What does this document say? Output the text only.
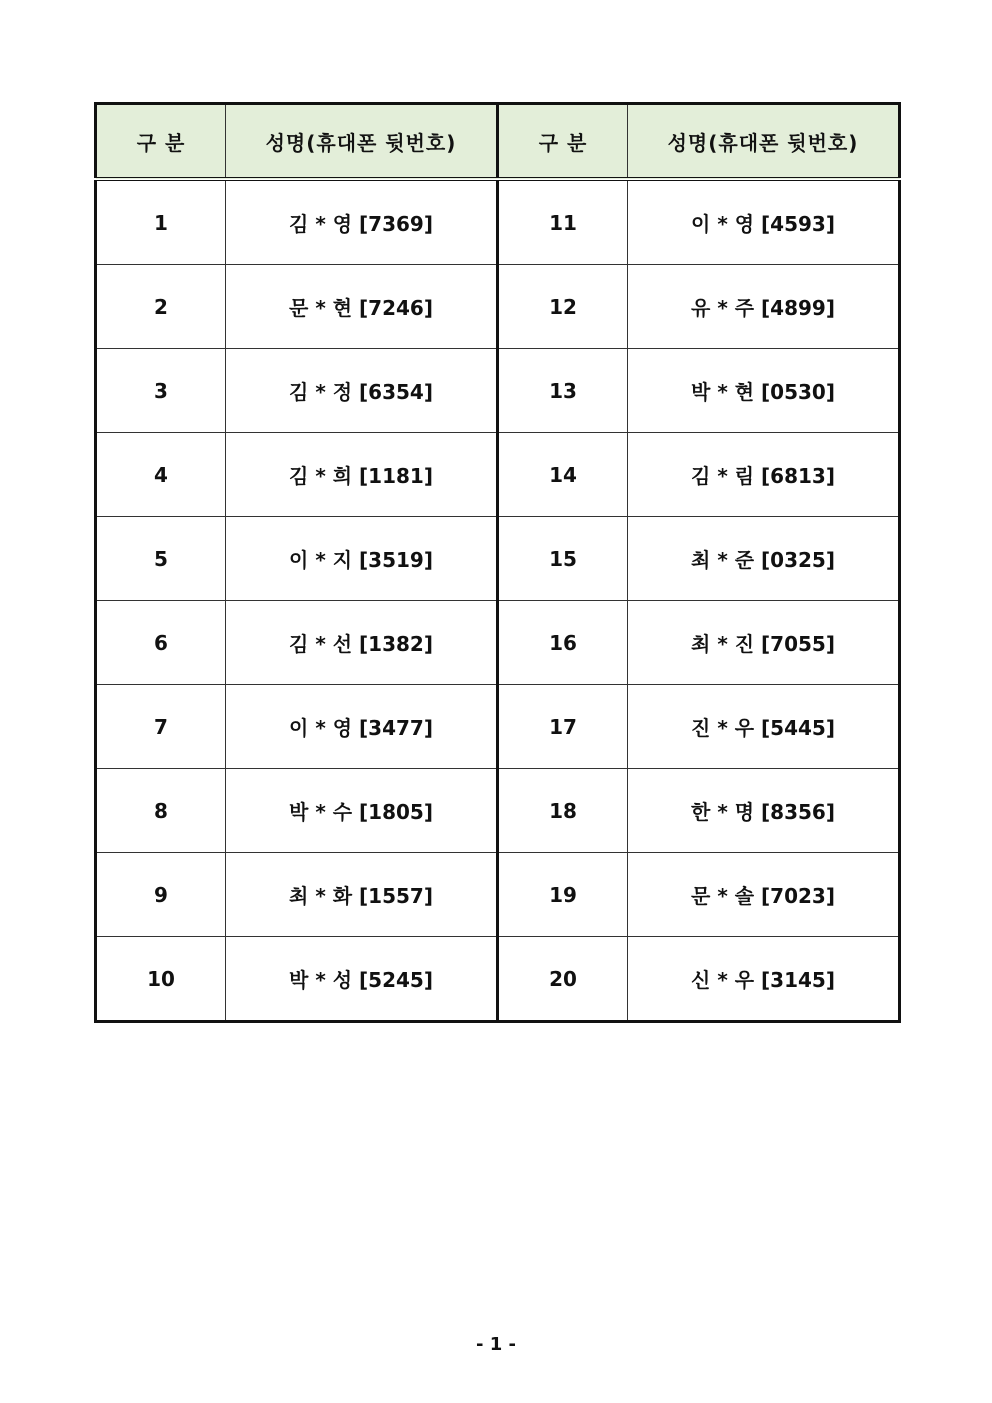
구 분	성명(휴대폰 뒷번호)	구 분	성명(휴대폰 뒷번호)
1	김 * 영 [7369]	11	이 * 영 [4593]
2	문 * 현 [7246]	12	유 * 주 [4899]
3	김 * 정 [6354]	13	박 * 현 [0530]
4	김 * 희 [1181]	14	김 * 림 [6813]
5	이 * 지 [3519]	15	최 * 준 [0325]
6	김 * 선 [1382]	16	최 * 진 [7055]
7	이 * 영 [3477]	17	진 * 우 [5445]
8	박 * 수 [1805]	18	한 * 명 [8356]
9	최 * 화 [1557]	19	문 * 솔 [7023]
10	박 * 성 [5245]	20	신 * 우 [3145]
- 1 -
